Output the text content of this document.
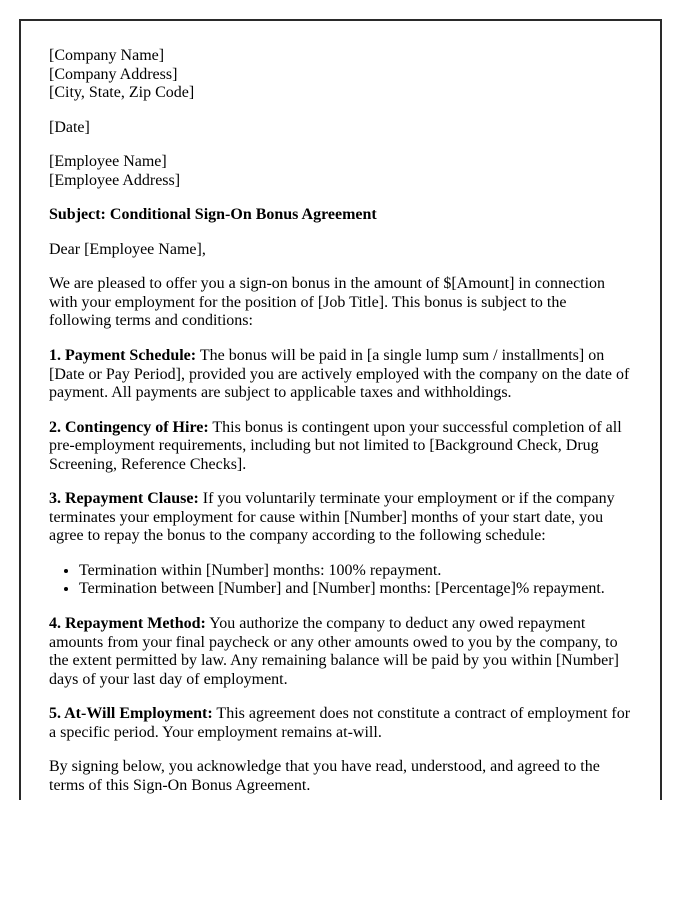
[Company Name]
[Company Address]
[City, State, Zip Code]

[Date]

[Employee Name]
[Employee Address]

Subject: Conditional Sign-On Bonus Agreement

Dear [Employee Name],

We are pleased to offer you a sign-on bonus in the amount of $[Amount] in connection with your employment for the position of [Job Title]. This bonus is subject to the following terms and conditions:

1. Payment Schedule: The bonus will be paid in [a single lump sum / installments] on [Date or Pay Period], provided you are actively employed with the company on the date of payment. All payments are subject to applicable taxes and withholdings.

2. Contingency of Hire: This bonus is contingent upon your successful completion of all pre-employment requirements, including but not limited to [Background Check, Drug Screening, Reference Checks].

3. Repayment Clause: If you voluntarily terminate your employment or if the company terminates your employment for cause within [Number] months of your start date, you agree to repay the bonus to the company according to the following schedule:

• Termination within [Number] months: 100% repayment.
• Termination between [Number] and [Number] months: [Percentage]% repayment.

4. Repayment Method: You authorize the company to deduct any owed repayment amounts from your final paycheck or any other amounts owed to you by the company, to the extent permitted by law. Any remaining balance will be paid by you within [Number] days of your last day of employment.

5. At-Will Employment: This agreement does not constitute a contract of employment for a specific period. Your employment remains at-will.

By signing below, you acknowledge that you have read, understood, and agreed to the terms of this Sign-On Bonus Agreement.
